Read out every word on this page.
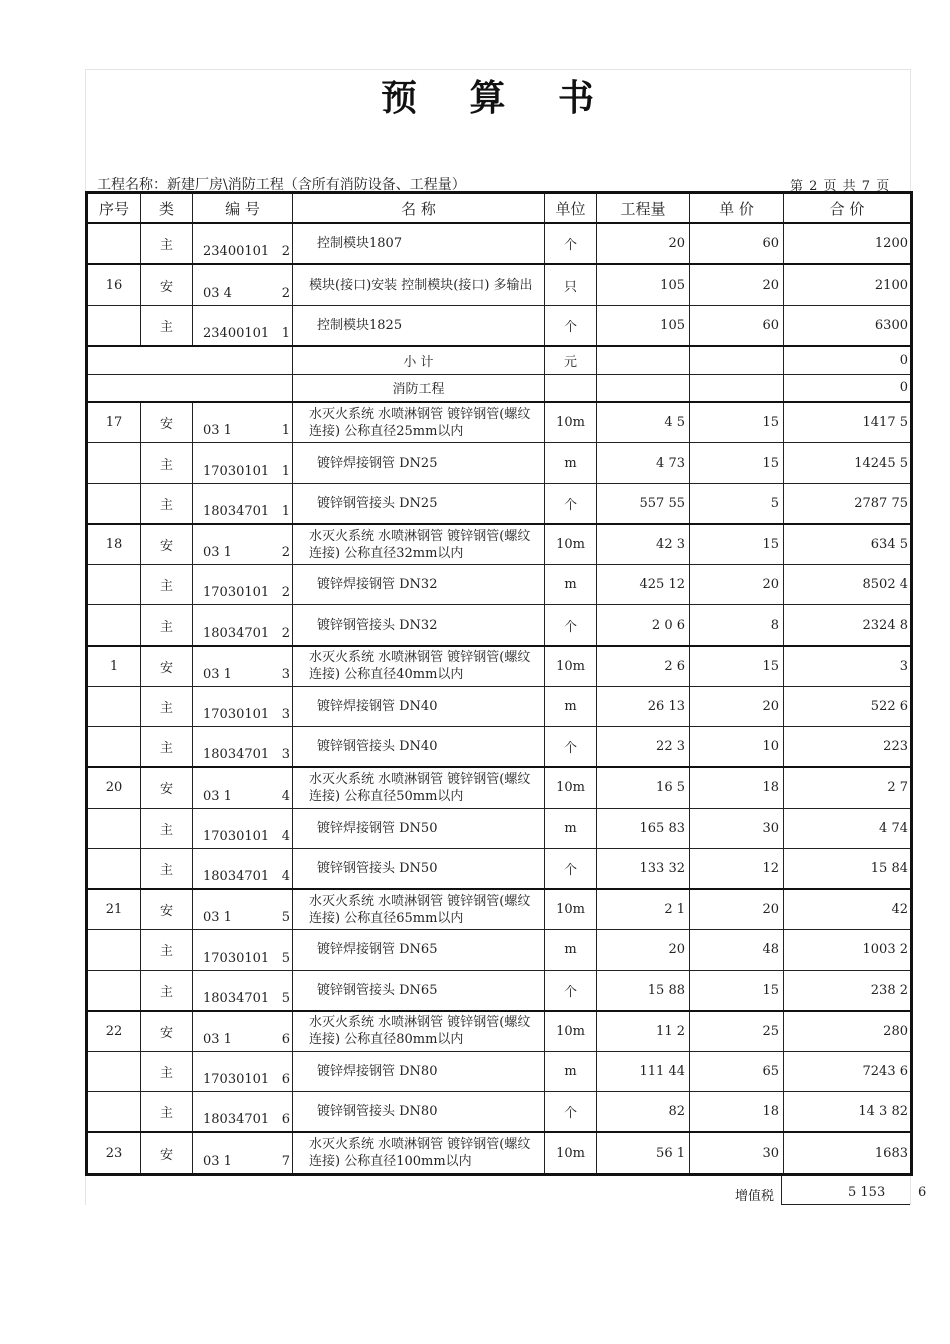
预 算 书
工程名称：新建厂房\消防工程（含所有消防设备、工程量）	第 2 页 共 7 页
序号	类	编 号	名 称	单位	工程量	单 价	合 价
	主	23400101 2	控制模块1807	个	20	60	1200
16	安	03 4 2	模块(接口)安装 控制模块(接口) 多输出	只	105	20	2100
	主	23400101 1	控制模块1825	个	105	60	6300
			小 计	元			0
			消防工程				0
17	安	03 1 1	水灭火系统 水喷淋钢管 镀锌钢管(螺纹连接) 公称直径25mm以内	10m	4 5	15	1417 5
	主	17030101 1	镀锌焊接钢管 DN25	m	4 73	15	14245 5
	主	18034701 1	镀锌钢管接头 DN25	个	557 55	5	2787 75
18	安	03 1 2	水灭火系统 水喷淋钢管 镀锌钢管(螺纹连接) 公称直径32mm以内	10m	42 3	15	634 5
	主	17030101 2	镀锌焊接钢管 DN32	m	425 12	20	8502 4
	主	18034701 2	镀锌钢管接头 DN32	个	2 0 6	8	2324 8
1	安	03 1 3	水灭火系统 水喷淋钢管 镀锌钢管(螺纹连接) 公称直径40mm以内	10m	2 6	15	3
	主	17030101 3	镀锌焊接钢管 DN40	m	26 13	20	522 6
	主	18034701 3	镀锌钢管接头 DN40	个	22 3	10	223
20	安	03 1 4	水灭火系统 水喷淋钢管 镀锌钢管(螺纹连接) 公称直径50mm以内	10m	16 5	18	2 7
	主	17030101 4	镀锌焊接钢管 DN50	m	165 83	30	4 74
	主	18034701 4	镀锌钢管接头 DN50	个	133 32	12	15 84
21	安	03 1 5	水灭火系统 水喷淋钢管 镀锌钢管(螺纹连接) 公称直径65mm以内	10m	2 1	20	42
	主	17030101 5	镀锌焊接钢管 DN65	m	20	48	1003 2
	主	18034701 5	镀锌钢管接头 DN65	个	15 88	15	238 2
22	安	03 1 6	水灭火系统 水喷淋钢管 镀锌钢管(螺纹连接) 公称直径80mm以内	10m	11 2	25	280
	主	17030101 6	镀锌焊接钢管 DN80	m	111 44	65	7243 6
	主	18034701 6	镀锌钢管接头 DN80	个	82	18	14 3 82
23	安	03 1 7	水灭火系统 水喷淋钢管 镀锌钢管(螺纹连接) 公称直径100mm以内	10m	56 1	30	1683
增值税	5 153	6
